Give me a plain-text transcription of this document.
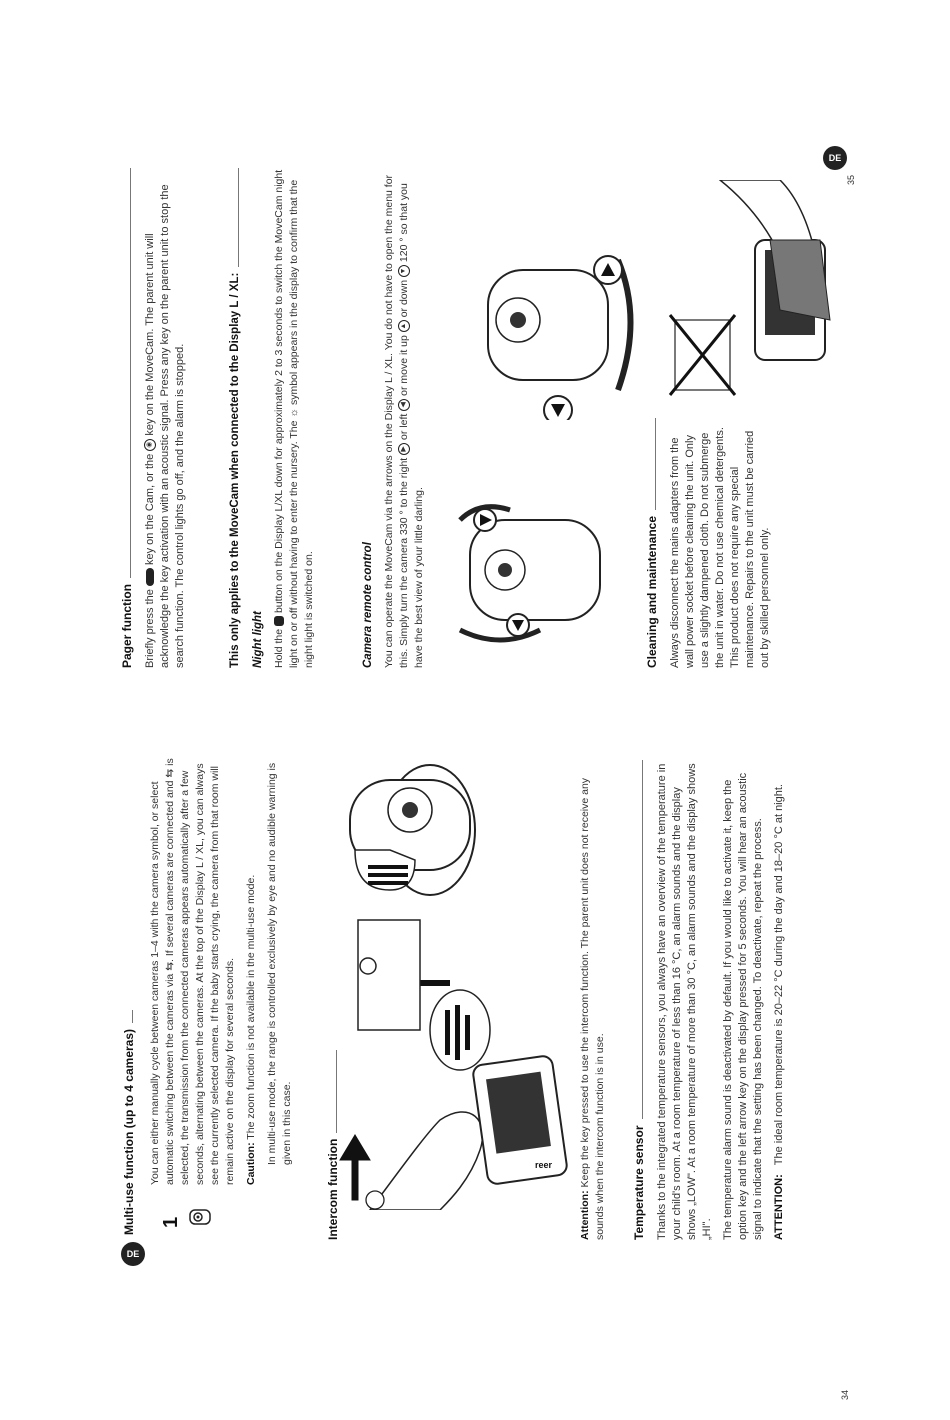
DE
DE
34
35
Multi-use function (up to 4 cameras) 1

You can either manually cycle between cameras 1–4 with the camera symbol, or select automatic switching between the cameras via ⇆. If several cameras are connected and ⇆ is selected, the transmission from the connected cameras appears automatically after a few seconds, alternating between the cameras. At the top of the Display L / XL, you can always see the currently selected camera. If the baby starts crying, the camera from that room will remain active on the display for several seconds. Caution: The zoom function is not available in the multi-use mode. In multi-use mode, the range is controlled exclusively by eye and no audible warning is given in this case.

Intercom function	reer

Attention: Keep the key pressed to use the intercom function. The parent unit does not receive any sounds when the intercom function is in use. Temperature sensor Thanks to the integrated temperature sensors, you always have an overview of the temperature in your child's room. At a room temperature of less than 16 °C, an alarm sounds and the display shows „LOW". At a room temperature of more than 30 °C, an alarm sounds and the display shows „HI". The temperature alarm sound is deactivated by default. If you would like to activate it, keep the option key and the left arrow key on the display pressed for 5 seconds. You will hear an acoustic signal to indicate that the setting has been changed. To deactivate, repeat the process. ATTENTION:   The ideal room temperature is 20–22 °C during the day and 18–20 °C at night.

Pager function Briefly press the  key on the Cam, or the ◉ key on the MoveCam. The parent unit will acknowledge the key activation with an acoustic signal. Press any key on the parent unit to stop the search function. The control lights go off, and the alarm is stopped.	This only applies to the MoveCam when connected to the Display L / XL: Night light Hold the  button on the Display L/XL down for approximately 2 to 3 seconds to switch the MoveCam night light on or off without having to enter the nursery. The ☼ symbol appears in the display to confirm that the night light is switched on.	Camera remote control You can operate the MoveCam via the arrows on the Display L / XL. You do not have to open the menu for this. Simply turn the camera 330 ° to the right ▶ or left ◀ or move it up ▲ or down ▼ 120 ° so that you have the best view of your little darling.	Cleaning and maintenance Always disconnect the mains adapters from the wall power socket before cleaning the unit. Only use a slightly dampened cloth. Do not submerge the unit in water. Do not use chemical detergents. This product does not require any special maintenance. Repairs to the unit must be carried out by skilled personnel only.
